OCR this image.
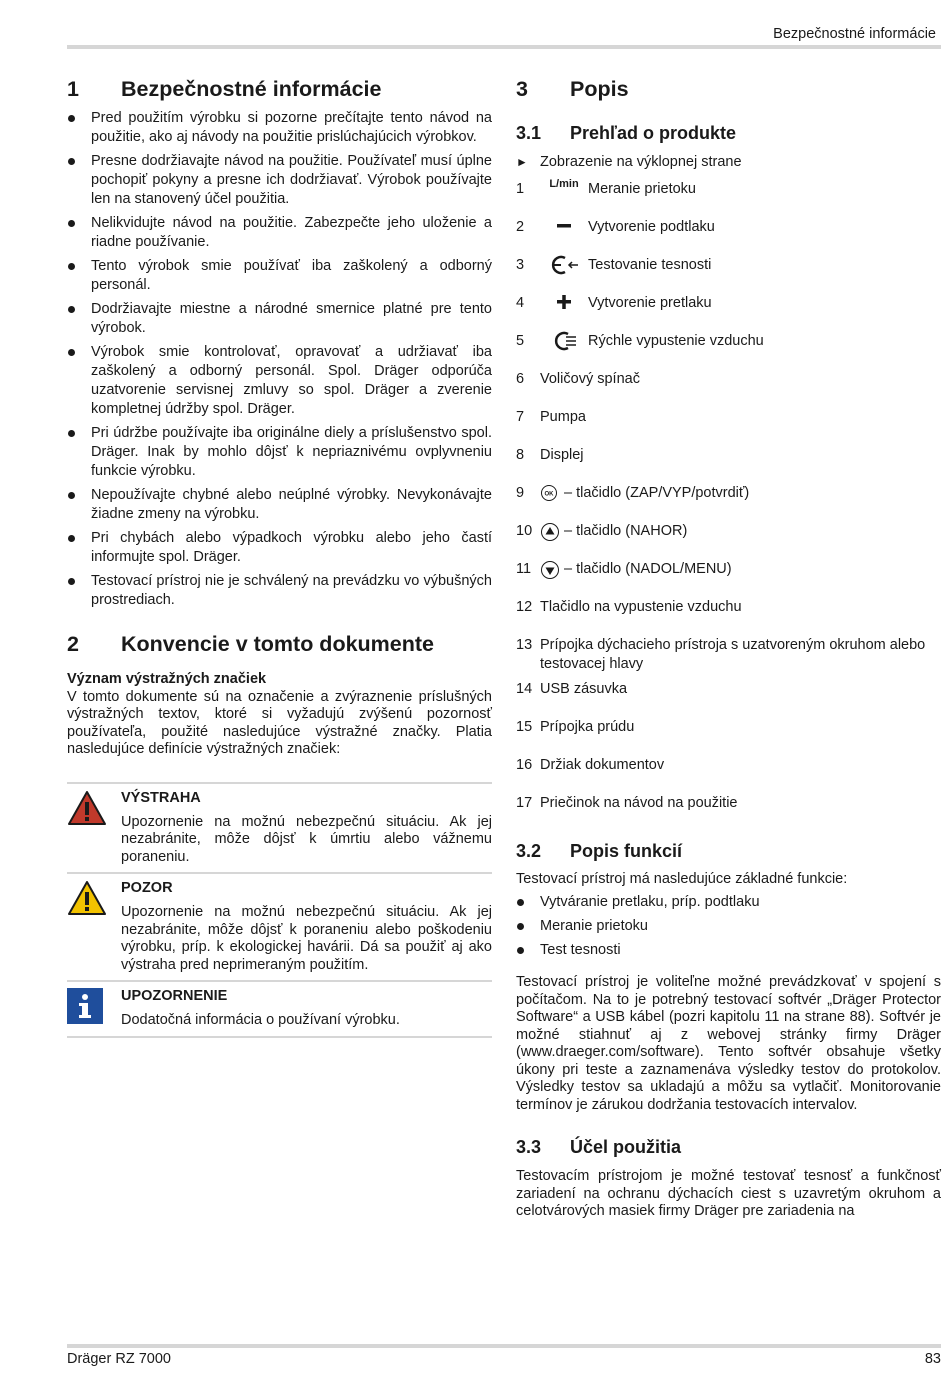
Bezpečnostné informácie
1	Bezpečnostné informácie
Pred použitím výrobku si pozorne prečítajte tento návod na použitie, ako aj návody na použitie prislúchajúcich výrobkov.
Presne dodržiavajte návod na použitie. Používateľ musí úplne pochopiť pokyny a presne ich dodržiavať. Výrobok používajte len na stanovený účel použitia.
Nelikvidujte návod na použitie. Zabezpečte jeho uloženie a riadne používanie.
Tento výrobok smie používať iba zaškolený a odborný personál.
Dodržiavajte miestne a národné smernice platné pre tento výrobok.
Výrobok smie kontrolovať, opravovať a udržiavať iba zaškolený a odborný personál. Spol. Dräger odporúča uzatvorenie servisnej zmluvy so spol. Dräger a zverenie kompletnej údržby spol. Dräger.
Pri údržbe používajte iba originálne diely a príslušenstvo spol. Dräger. Inak by mohlo dôjsť k nepriaznivému ovplyvneniu funkcie výrobku.
Nepoužívajte chybné alebo neúplné výrobky. Nevykonávajte žiadne zmeny na výrobku.
Pri chybách alebo výpadkoch výrobku alebo jeho častí informujte spol. Dräger.
Testovací prístroj nie je schválený na prevádzku vo výbušných prostrediach.
2	Konvencie v tomto dokumente
Význam výstražných značiek
V tomto dokumente sú na označenie a zvýraznenie príslušných výstražných textov, ktoré si vyžadujú zvýšenú pozornosť používateľa, použité nasledujúce výstražné značky. Platia nasledujúce definície výstražných značiek:
VÝSTRAHA
Upozornenie na možnú nebezpečnú situáciu. Ak jej nezabránite, môže dôjsť k úmrtiu alebo vážnemu poraneniu.
POZOR
Upozornenie na možnú nebezpečnú situáciu. Ak jej nezabránite, môže dôjsť k poraneniu alebo poškodeniu výrobku, príp. k ekologickej havárii. Dá sa použiť aj ako výstraha pred neprimeraným použitím.
UPOZORNENIE
Dodatočná informácia o používaní výrobku.
3	Popis
3.1	Prehľad o produkte
► Zobrazenie na výklopnej strane
1	L/min Meranie prietoku
2	Vytvorenie podtlaku
3	Testovanie tesnosti
4	Vytvorenie pretlaku
5	Rýchle vypustenie vzduchu
6	Voličový spínač
7	Pumpa
8	Displej
9	OK – tlačidlo (ZAP/VYP/potvrdiť)
10	– tlačidlo (NAHOR)
11	– tlačidlo (NADOL/MENU)
12 Tlačidlo na vypustenie vzduchu
13 Prípojka dýchacieho prístroja s uzatvoreným okruhom alebo testovacej hlavy
14 USB zásuvka
15 Prípojka prúdu
16 Držiak dokumentov
17 Priečinok na návod na použitie
3.2	Popis funkcií
Testovací prístroj má nasledujúce základné funkcie:
Vytváranie pretlaku, príp. podtlaku
Meranie prietoku
Test tesnosti
Testovací prístroj je voliteľne možné prevádzkovať v spojení s počítačom. Na to je potrebný testovací softvér „Dräger Protector Software“ a USB kábel (pozri kapitolu 11 na strane 88). Softvér je možné stiahnuť aj z webovej stránky firmy Dräger (www.draeger.com/software). Tento softvér obsahuje všetky úkony pri teste a zaznamenáva výsledky testov do protokolov. Výsledky testov sa ukladajú a môžu sa vytlačiť. Monitorovanie termínov je zárukou dodržania testovacích intervalov.
3.3	Účel použitia
Testovacím prístrojom je možné testovať tesnosť a funkčnosť zariadení na ochranu dýchacích ciest s uzavretým okruhom a celotvárových masiek firmy Dräger pre zariadenia na
Dräger RZ 7000	83
